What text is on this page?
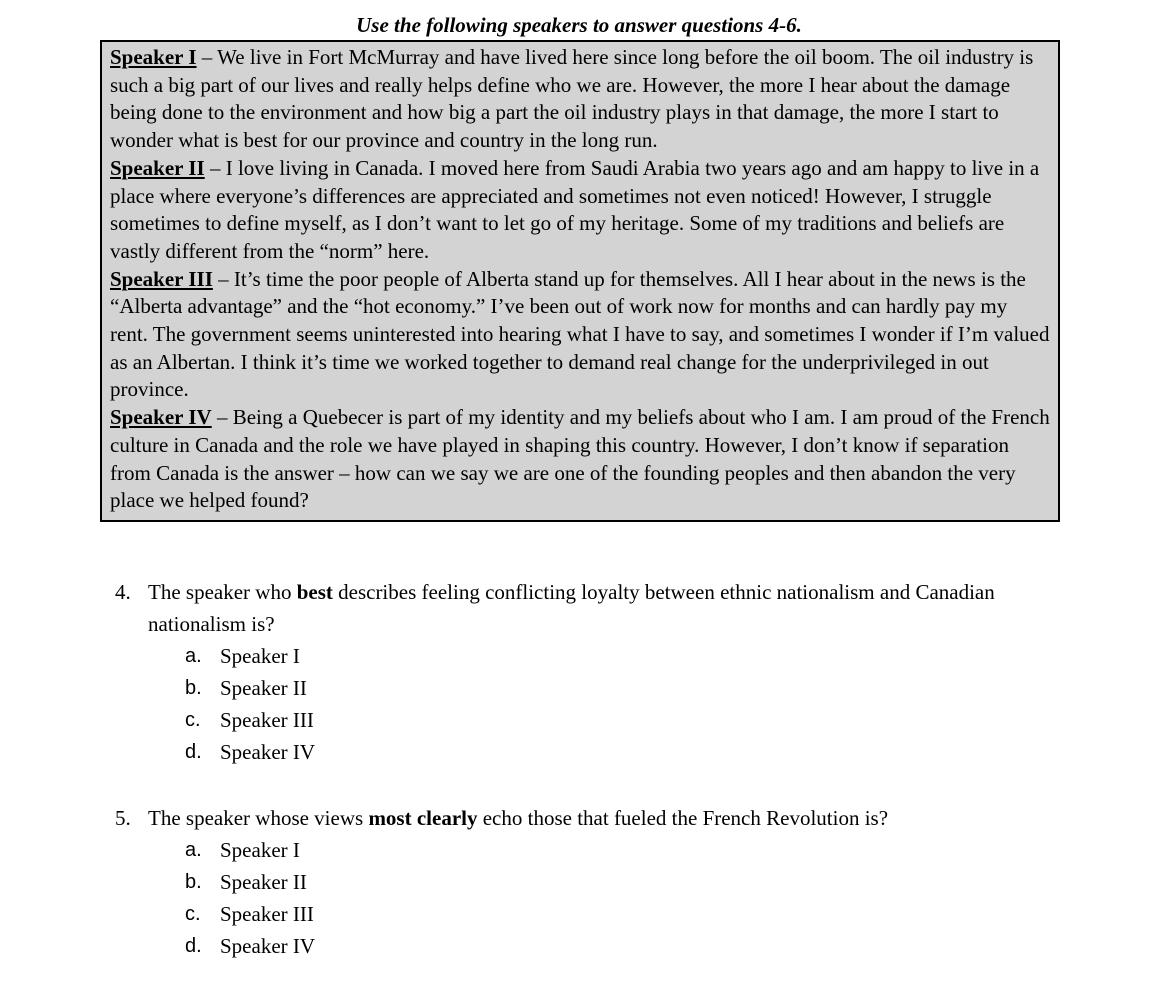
Use the following speakers to answer questions 4-6.

Speaker I – We live in Fort McMurray and have lived here since long before the oil boom. The oil industry is such a big part of our lives and really helps define who we are. However, the more I hear about the damage being done to the environment and how big a part the oil industry plays in that damage, the more I start to wonder what is best for our province and country in the long run.

Speaker II – I love living in Canada. I moved here from Saudi Arabia two years ago and am happy to live in a place where everyone’s differences are appreciated and sometimes not even noticed! However, I struggle sometimes to define myself, as I don’t want to let go of my heritage. Some of my traditions and beliefs are vastly different from the “norm” here.

Speaker III – It’s time the poor people of Alberta stand up for themselves. All I hear about in the news is the “Alberta advantage” and the “hot economy.” I’ve been out of work now for months and can hardly pay my rent. The government seems uninterested into hearing what I have to say, and sometimes I wonder if I’m valued as an Albertan. I think it’s time we worked together to demand real change for the underprivileged in out province.

Speaker IV – Being a Quebecer is part of my identity and my beliefs about who I am. I am proud of the French culture in Canada and the role we have played in shaping this country. However, I don’t know if separation from Canada is the answer – how can we say we are one of the founding peoples and then abandon the very place we helped found?

4. The speaker who best describes feeling conflicting loyalty between ethnic nationalism and Canadian nationalism is?
a. Speaker I
b. Speaker II
c. Speaker III
d. Speaker IV
5. The speaker whose views most clearly echo those that fueled the French Revolution is?
a. Speaker I
b. Speaker II
c. Speaker III
d. Speaker IV
